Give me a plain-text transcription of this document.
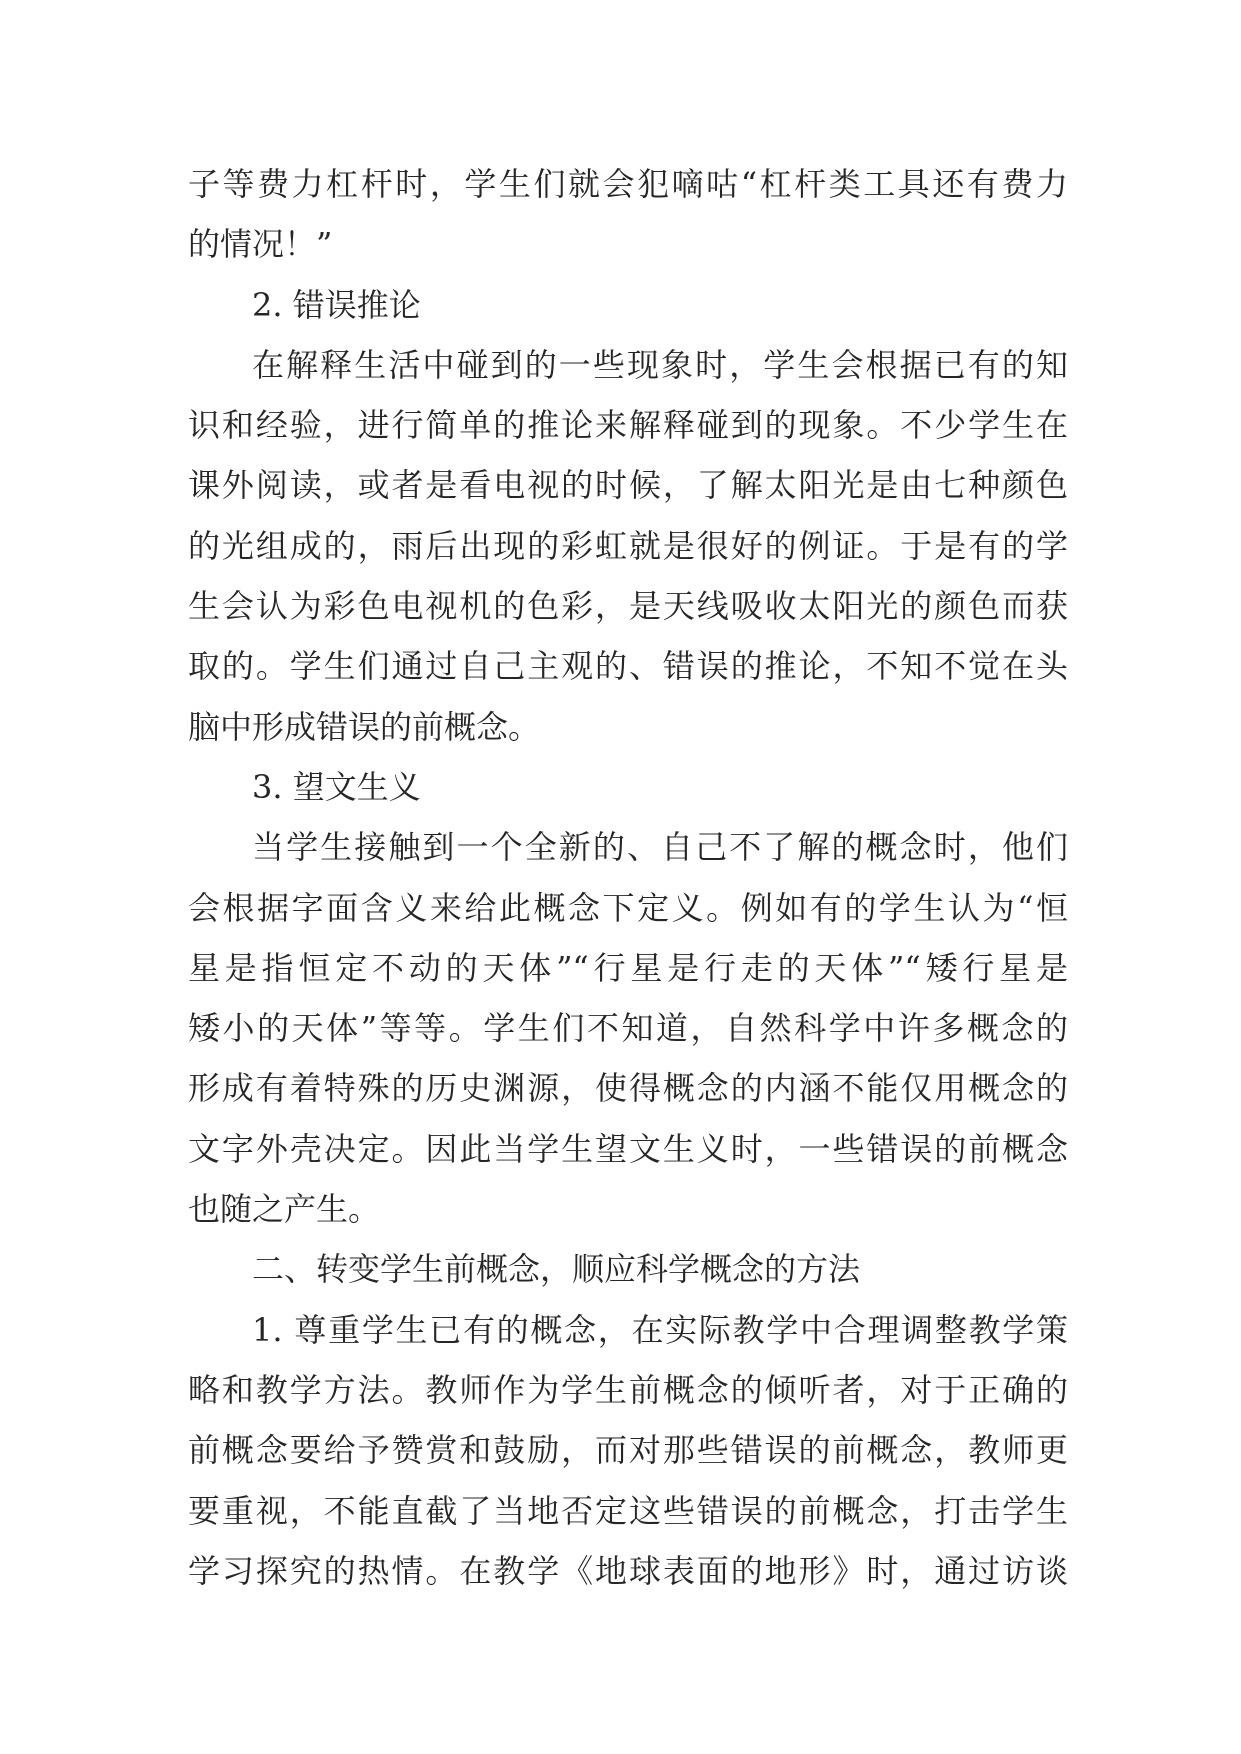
子等费力杠杆时，学生们就会犯嘀咕“杠杆类工具还有费力
的情况！”
2. 错误推论
在解释生活中碰到的一些现象时，学生会根据已有的知
识和经验，进行简单的推论来解释碰到的现象。不少学生在
课外阅读，或者是看电视的时候，了解太阳光是由七种颜色
的光组成的，雨后出现的彩虹就是很好的例证。于是有的学
生会认为彩色电视机的色彩，是天线吸收太阳光的颜色而获
取的。学生们通过自己主观的、错误的推论，不知不觉在头
脑中形成错误的前概念。
3. 望文生义
当学生接触到一个全新的、自己不了解的概念时，他们
会根据字面含义来给此概念下定义。例如有的学生认为“恒
星是指恒定不动的天体”“行星是行走的天体”“矮行星是
矮小的天体”等等。学生们不知道，自然科学中许多概念的
形成有着特殊的历史渊源，使得概念的内涵不能仅用概念的
文字外壳决定。因此当学生望文生义时，一些错误的前概念
也随之产生。
二、转变学生前概念，顺应科学概念的方法
1. 尊重学生已有的概念，在实际教学中合理调整教学策
略和教学方法。教师作为学生前概念的倾听者，对于正确的
前概念要给予赞赏和鼓励，而对那些错误的前概念，教师更
要重视，不能直截了当地否定这些错误的前概念，打击学生
学习探究的热情。在教学《地球表面的地形》时，通过访谈
